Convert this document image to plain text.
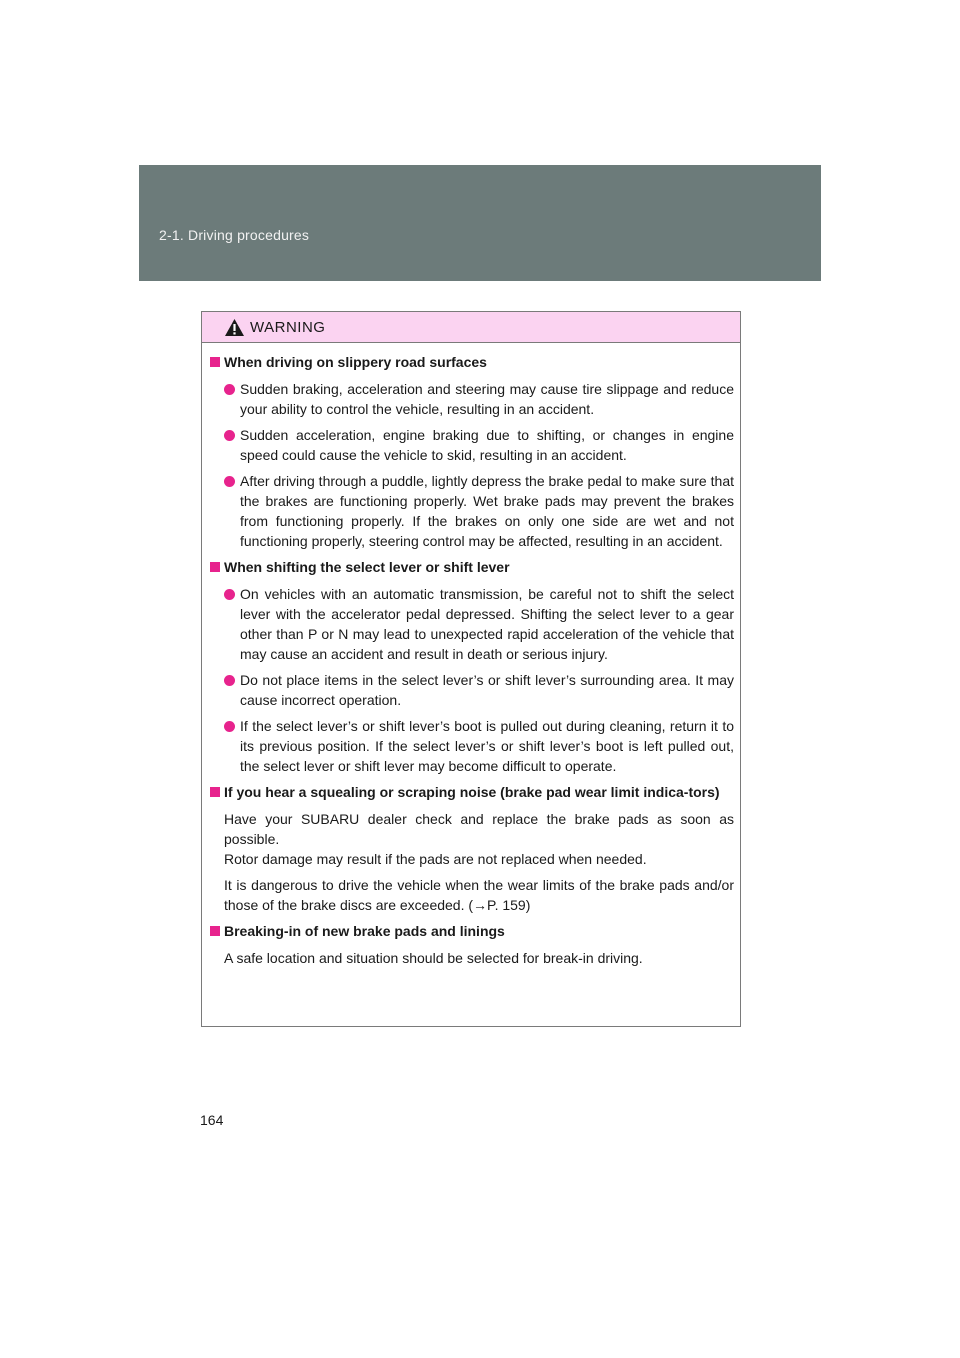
2-1. Driving procedures
WARNING
When driving on slippery road surfaces
Sudden braking, acceleration and steering may cause tire slippage and reduce your ability to control the vehicle, resulting in an accident.
Sudden acceleration, engine braking due to shifting, or changes in engine speed could cause the vehicle to skid, resulting in an accident.
After driving through a puddle, lightly depress the brake pedal to make sure that the brakes are functioning properly. Wet brake pads may prevent the brakes from functioning properly. If the brakes on only one side are wet and not functioning properly, steering control may be affected, resulting in an accident.
When shifting the select lever or shift lever
On vehicles with an automatic transmission, be careful not to shift the select lever with the accelerator pedal depressed. Shifting the select lever to a gear other than P or N may lead to unexpected rapid acceleration of the vehicle that may cause an accident and result in death or serious injury.
Do not place items in the select lever’s or shift lever’s surrounding area. It may cause incorrect operation.
If the select lever’s or shift lever’s boot is pulled out during cleaning, return it to its previous position. If the select lever’s or shift lever’s boot is left pulled out, the select lever or shift lever may become difficult to operate.
If you hear a squealing or scraping noise (brake pad wear limit indica-tors)
Have your SUBARU dealer check and replace the brake pads as soon as possible.
Rotor damage may result if the pads are not replaced when needed.
It is dangerous to drive the vehicle when the wear limits of the brake pads and/or those of the brake discs are exceeded. (→P. 159)
Breaking-in of new brake pads and linings
A safe location and situation should be selected for break-in driving.
164
